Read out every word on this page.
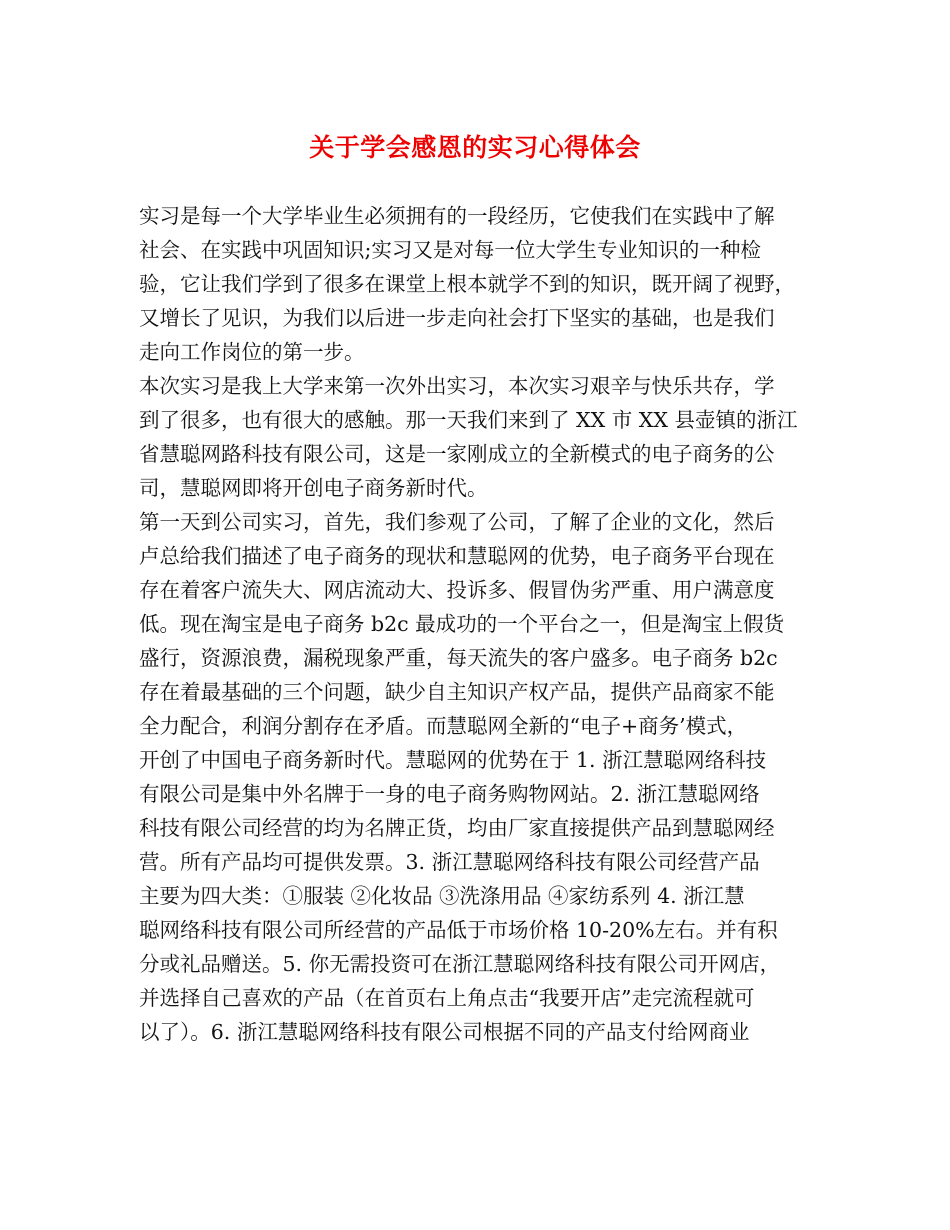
关于学会感恩的实习心得体会
实习是每一个大学毕业生必须拥有的一段经历，它使我们在实践中了解
社会、在实践中巩固知识;实习又是对每一位大学生专业知识的一种检
验，它让我们学到了很多在课堂上根本就学不到的知识，既开阔了视野，
又增长了见识，为我们以后进一步走向社会打下坚实的基础，也是我们
走向工作岗位的第一步。
本次实习是我上大学来第一次外出实习，本次实习艰辛与快乐共存，学
到了很多，也有很大的感触。那一天我们来到了 XX 市 XX 县壶镇的浙江
省慧聪网路科技有限公司，这是一家刚成立的全新模式的电子商务的公
司，慧聪网即将开创电子商务新时代。
第一天到公司实习，首先，我们参观了公司，了解了企业的文化，然后
卢总给我们描述了电子商务的现状和慧聪网的优势，电子商务平台现在
存在着客户流失大、网店流动大、投诉多、假冒伪劣严重、用户满意度
低。现在淘宝是电子商务 b2c 最成功的一个平台之一，但是淘宝上假货
盛行，资源浪费，漏税现象严重，每天流失的客户盛多。电子商务 b2c
存在着最基础的三个问题，缺少自主知识产权产品，提供产品商家不能
全力配合，利润分割存在矛盾。而慧聪网全新的“电子+商务’模式，
开创了中国电子商务新时代。慧聪网的优势在于 1. 浙江慧聪网络科技
有限公司是集中外名牌于一身的电子商务购物网站。2. 浙江慧聪网络
科技有限公司经营的均为名牌正货，均由厂家直接提供产品到慧聪网经
营。所有产品均可提供发票。3. 浙江慧聪网络科技有限公司经营产品
主要为四大类：①服装 ②化妆品 ③洗涤用品 ④家纺系列 4. 浙江慧
聪网络科技有限公司所经营的产品低于市场价格 10-20%左右。并有积
分或礼品赠送。5. 你无需投资可在浙江慧聪网络科技有限公司开网店，
并选择自己喜欢的产品（在首页右上角点击“我要开店”走完流程就可
以了）。6. 浙江慧聪网络科技有限公司根据不同的产品支付给网商业
